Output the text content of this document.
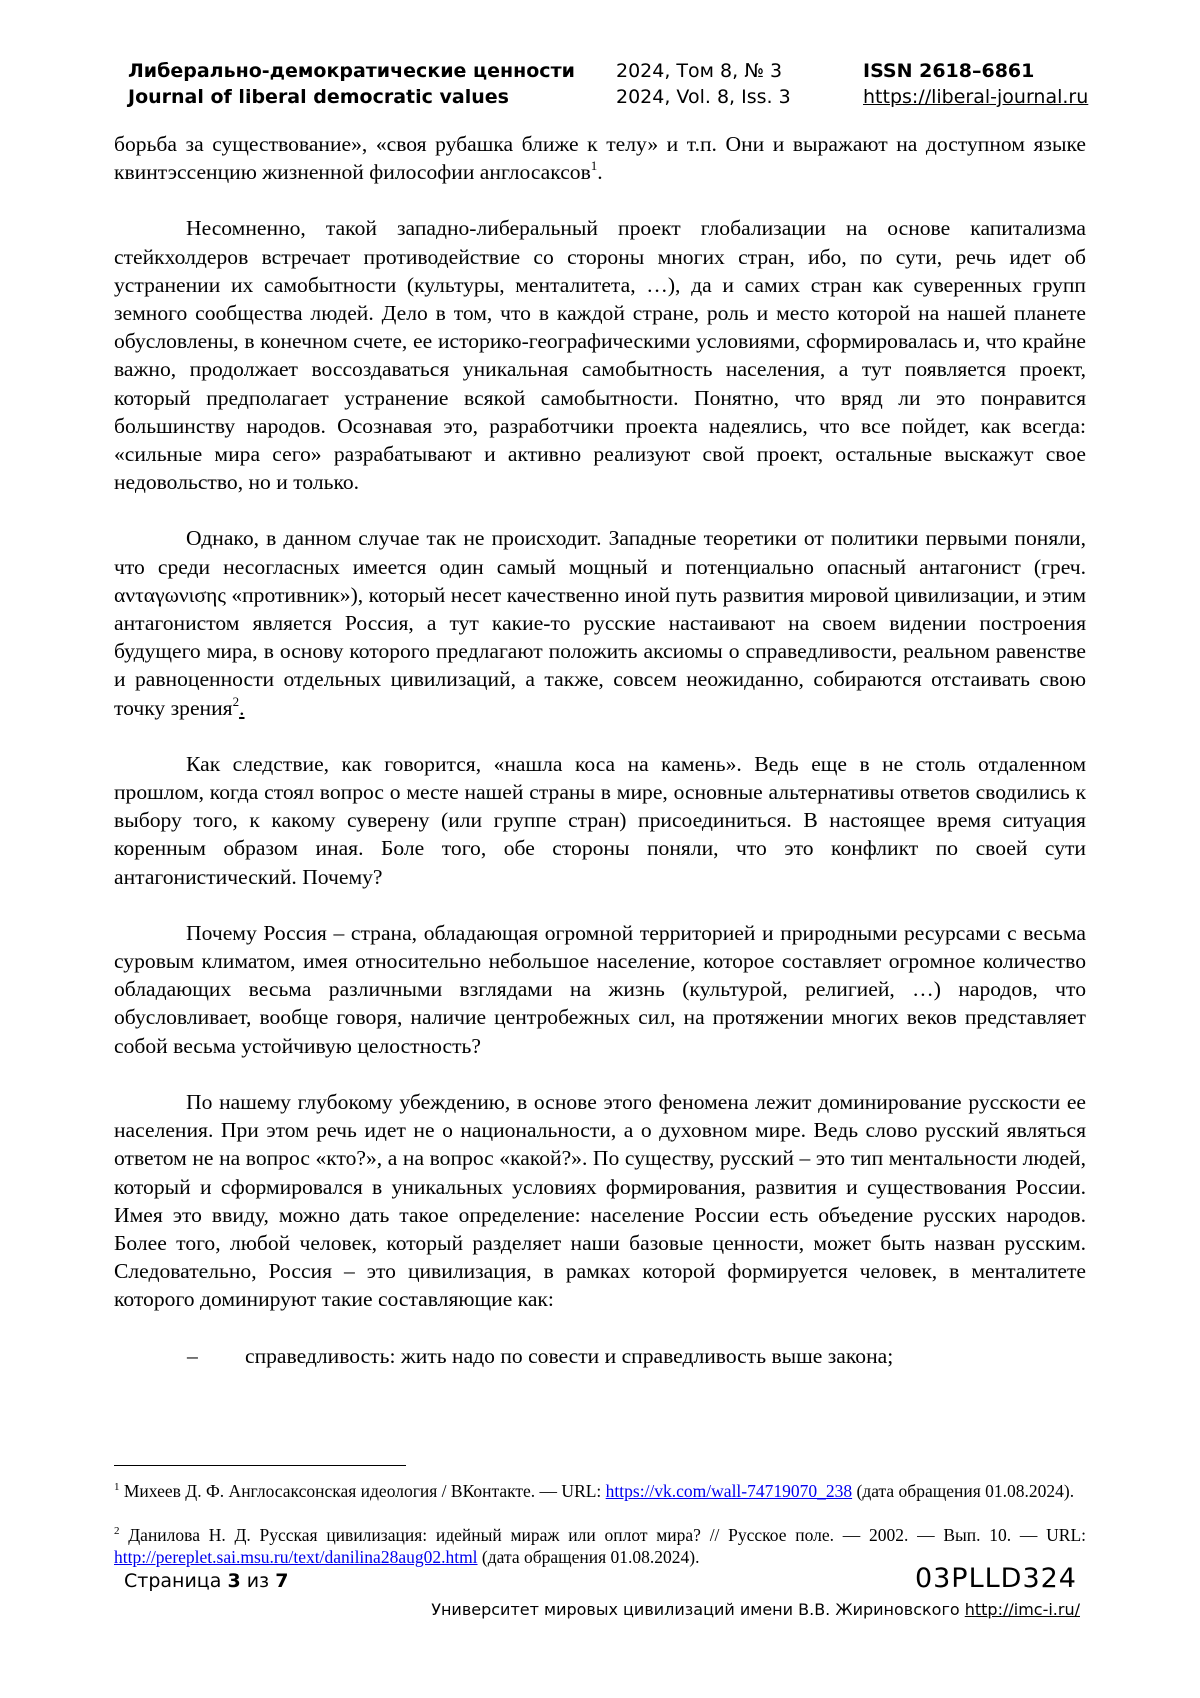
Либерально-демократические ценности
Journal of liberal democratic values
2024, Том 8, № 3
2024, Vol. 8, Iss. 3
ISSN 2618–6861
https://liberal-journal.ru

борьба за существование», «своя рубашка ближе к телу» и т.п. Они и выражают на доступном языке квинтэссенцию жизненной философии англосаксов$^1$.

Несомненно, такой западно-либеральный проект глобализации на основе капитализма стейкхолдеров встречает противодействие со стороны многих стран, ибо, по сути, речь идет об устранении их самобытности (культуры, менталитета, …), да и самих стран как суверенных групп земного сообщества людей. Дело в том, что в каждой стране, роль и место которой на нашей планете обусловлены, в конечном счете, ее историко-географическими условиями, сформировалась и, что крайне важно, продолжает воссоздаваться уникальная самобытность населения, а тут появляется проект, который предполагает устранение всякой самобытности. Понятно, что вряд ли это понравится большинству народов. Осознавая это, разработчики проекта надеялись, что все пойдет, как всегда: «сильные мира сего» разрабатывают и активно реализуют свой проект, остальные выскажут свое недовольство, но и только.

Однако, в данном случае так не происходит. Западные теоретики от политики первыми поняли, что среди несогласных имеется один самый мощный и потенциально опасный антагонист (греч. ανταγωνισης «противник»), который несет качественно иной путь развития мировой цивилизации, и этим антагонистом является Россия, а тут какие-то русские настаивают на своем видении построения будущего мира, в основу которого предлагают положить аксиомы о справедливости, реальном равенстве и равноценности отдельных цивилизаций, а также, совсем неожиданно, собираются отстаивать свою точку зрения$^2$.

Как следствие, как говорится, «нашла коса на камень». Ведь еще в не столь отдаленном прошлом, когда стоял вопрос о месте нашей страны в мире, основные альтернативы ответов сводились к выбору того, к какому суверену (или группе стран) присоединиться. В настоящее время ситуация коренным образом иная. Боле того, обе стороны поняли, что это конфликт по своей сути антагонистический. Почему?

Почему Россия – страна, обладающая огромной территорией и природными ресурсами с весьма суровым климатом, имея относительно небольшое население, которое составляет огромное количество обладающих весьма различными взглядами на жизнь (культурой, религией, …) народов, что обусловливает, вообще говоря, наличие центробежных сил, на протяжении многих веков представляет собой весьма устойчивую целостность?

По нашему глубокому убеждению, в основе этого феномена лежит доминирование русскости ее населения. При этом речь идет не о национальности, а о духовном мире. Ведь слово русский являться ответом не на вопрос «кто?», а на вопрос «какой?». По существу, русский – это тип ментальности людей, который и сформировался в уникальных условиях формирования, развития и существования России. Имея это ввиду, можно дать такое определение: население России есть объедение русских народов. Более того, любой человек, который разделяет наши базовые ценности, может быть назван русским. Следовательно, Россия – это цивилизация, в рамках которой формируется человек, в менталитете которого доминируют такие составляющие как:

– справедливость: жить надо по совести и справедливость выше закона;
$^1$ Михеев Д. Ф. Англосаксонская идеология / ВКонтакте. — URL: https://vk.com/wall-74719070_238 (дата обращения 01.08.2024).
$^2$ Данилова Н. Д. Русская цивилизация: идейный мираж или оплот мира? // Русское поле. — 2002. — Вып. 10. — URL: http://pereplet.sai.msu.ru/text/danilina28aug02.html (дата обращения 01.08.2024).
Страница 3 из 7	03PLLD324
Университет мировых цивилизаций имени В.В. Жириновского http://imc-i.ru/
